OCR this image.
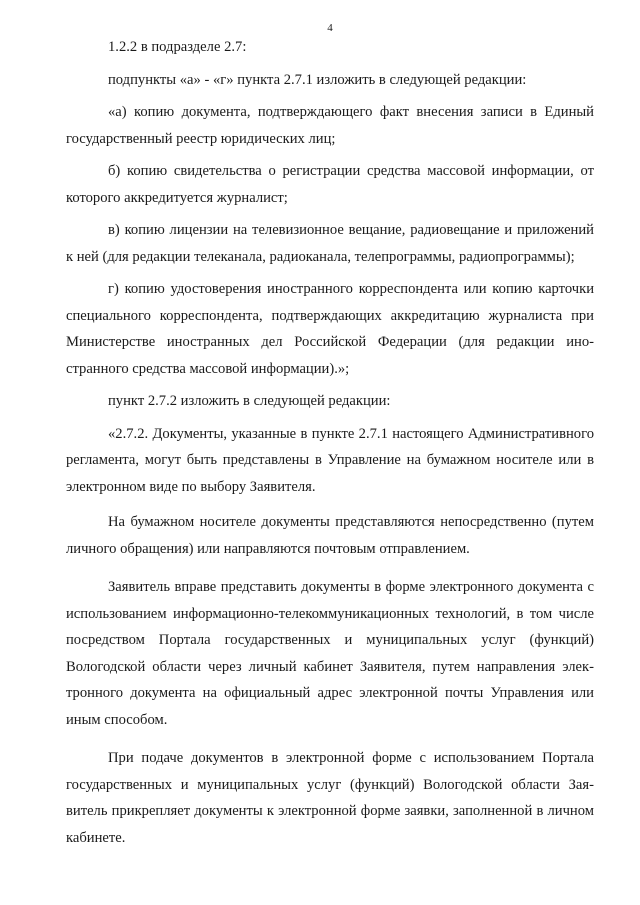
4

1.2.2 в подразделе 2.7:

подпункты «а» - «г» пункта 2.7.1 изложить в следующей редакции:

«а) копию документа, подтверждающего факт внесения записи в Единый государственный реестр юридических лиц;

б) копию свидетельства о регистрации средства массовой информации, от которого аккредитуется журналист;

в) копию лицензии на телевизионное вещание, радиовещание и приложений к ней (для редакции телеканала, радиоканала, телепрограммы, радиопрограммы);

г) копию удостоверения иностранного корреспондента или копию карточки специального корреспондента, подтверждающих аккредитацию журналиста при Министерстве иностранных дел Российской Федерации (для редакции иностранного средства массовой информации).»;

пункт 2.7.2 изложить в следующей редакции:

«2.7.2. Документы, указанные в пункте 2.7.1 настоящего Административного регламента, могут быть представлены в Управление на бумажном носителе или в электронном виде по выбору Заявителя.

На бумажном носителе документы представляются непосредственно (путем личного обращения) или направляются почтовым отправлением.

Заявитель вправе представить документы в форме электронного документа с использованием информационно-телекоммуникационных технологий, в том числе посредством Портала государственных и муниципальных услуг (функций) Вологодской области через личный кабинет Заявителя, путем направления электронного документа на официальный адрес электронной почты Управления или иным способом.

При подаче документов в электронной форме с использованием Портала государственных и муниципальных услуг (функций) Вологодской области Заявитель прикрепляет документы к электронной форме заявки, заполненной в личном кабинете.
